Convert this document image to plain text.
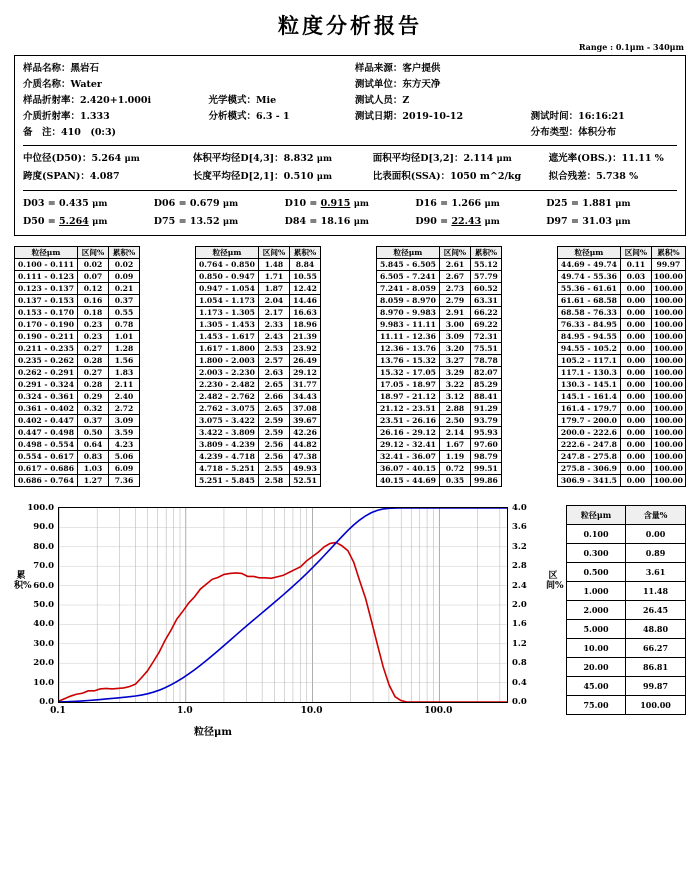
粒度分析报告
Range : 0.1μm - 340μm
样品名称：黑岩石	样品来源：客户提供
介质名称：Water	测试单位：东方天净
样品折射率：2.420+1.000i	光学模式：Mie	测试人员：Z
介质折射率：1.333	分析模式：6.3 - 1	测试日期：2019-10-12	测试时间：16:16:21
备　注：410　(0:3)	分布类型：体积分布
中位径(D50)：5.264 μm	体积平均径D[4,3]：8.832 μm	面积平均径D[3,2]：2.114 μm	遮光率(OBS.)：11.11 %
跨度(SPAN)：4.087	长度平均径D[2,1]：0.510 μm	比表面积(SSA)：1050 m^2/kg	拟合残差：5.738 %
D03 = 0.435 μm	D06 = 0.679 μm	D10 = 0.915 μm	D16 = 1.266 μm	D25 = 1.881 μm
D50 = 5.264 μm	D75 = 13.52 μm	D84 = 18.16 μm	D90 = 22.43 μm	D97 = 31.03 μm
粒径μm	区间%	累积%
0.100 - 0.111	0.02	0.02
0.111 - 0.123	0.07	0.09
0.123 - 0.137	0.12	0.21
0.137 - 0.153	0.16	0.37
0.153 - 0.170	0.18	0.55
0.170 - 0.190	0.23	0.78
0.190 - 0.211	0.23	1.01
0.211 - 0.235	0.27	1.28
0.235 - 0.262	0.28	1.56
0.262 - 0.291	0.27	1.83
0.291 - 0.324	0.28	2.11
0.324 - 0.361	0.29	2.40
0.361 - 0.402	0.32	2.72
0.402 - 0.447	0.37	3.09
0.447 - 0.498	0.50	3.59
0.498 - 0.554	0.64	4.23
0.554 - 0.617	0.83	5.06
0.617 - 0.686	1.03	6.09
0.686 - 0.764	1.27	7.36
粒径μm	区间%	累积%
0.764 - 0.850	1.48	8.84
0.850 - 0.947	1.71	10.55
0.947 - 1.054	1.87	12.42
1.054 - 1.173	2.04	14.46
1.173 - 1.305	2.17	16.63
1.305 - 1.453	2.33	18.96
1.453 - 1.617	2.43	21.39
1.617 - 1.800	2.53	23.92
1.800 - 2.003	2.57	26.49
2.003 - 2.230	2.63	29.12
2.230 - 2.482	2.65	31.77
2.482 - 2.762	2.66	34.43
2.762 - 3.075	2.65	37.08
3.075 - 3.422	2.59	39.67
3.422 - 3.809	2.59	42.26
3.809 - 4.239	2.56	44.82
4.239 - 4.718	2.56	47.38
4.718 - 5.251	2.55	49.93
5.251 - 5.845	2.58	52.51
粒径μm	区间%	累积%
5.845 - 6.505	2.61	55.12
6.505 - 7.241	2.67	57.79
7.241 - 8.059	2.73	60.52
8.059 - 8.970	2.79	63.31
8.970 - 9.983	2.91	66.22
9.983 - 11.11	3.00	69.22
11.11 - 12.36	3.09	72.31
12.36 - 13.76	3.20	75.51
13.76 - 15.32	3.27	78.78
15.32 - 17.05	3.29	82.07
17.05 - 18.97	3.22	85.29
18.97 - 21.12	3.12	88.41
21.12 - 23.51	2.88	91.29
23.51 - 26.16	2.50	93.79
26.16 - 29.12	2.14	95.93
29.12 - 32.41	1.67	97.60
32.41 - 36.07	1.19	98.79
36.07 - 40.15	0.72	99.51
40.15 - 44.69	0.35	99.86
粒径μm	区间%	累积%
44.69 - 49.74	0.11	99.97
49.74 - 55.36	0.03	100.00
55.36 - 61.61	0.00	100.00
61.61 - 68.58	0.00	100.00
68.58 - 76.33	0.00	100.00
76.33 - 84.95	0.00	100.00
84.95 - 94.55	0.00	100.00
94.55 - 105.2	0.00	100.00
105.2 - 117.1	0.00	100.00
117.1 - 130.3	0.00	100.00
130.3 - 145.1	0.00	100.00
145.1 - 161.4	0.00	100.00
161.4 - 179.7	0.00	100.00
179.7 - 200.0	0.00	100.00
200.0 - 222.6	0.00	100.00
222.6 - 247.8	0.00	100.00
247.8 - 275.8	0.00	100.00
275.8 - 306.9	0.00	100.00
306.9 - 341.5	0.00	100.00
累积%
区间%
0.0
10.0
20.0
30.0
40.0
50.0
60.0
70.0
80.0
90.0
100.0
0.0
0.4
0.8
1.2
1.6
2.0
2.4
2.8
3.2
3.6
4.0
0.1	1.0	10.0	100.0
粒径μm
粒径μm	含量%
0.100	0.00
0.300	0.89
0.500	3.61
1.000	11.48
2.000	26.45
5.000	48.80
10.00	66.27
20.00	86.81
45.00	99.87
75.00	100.00
